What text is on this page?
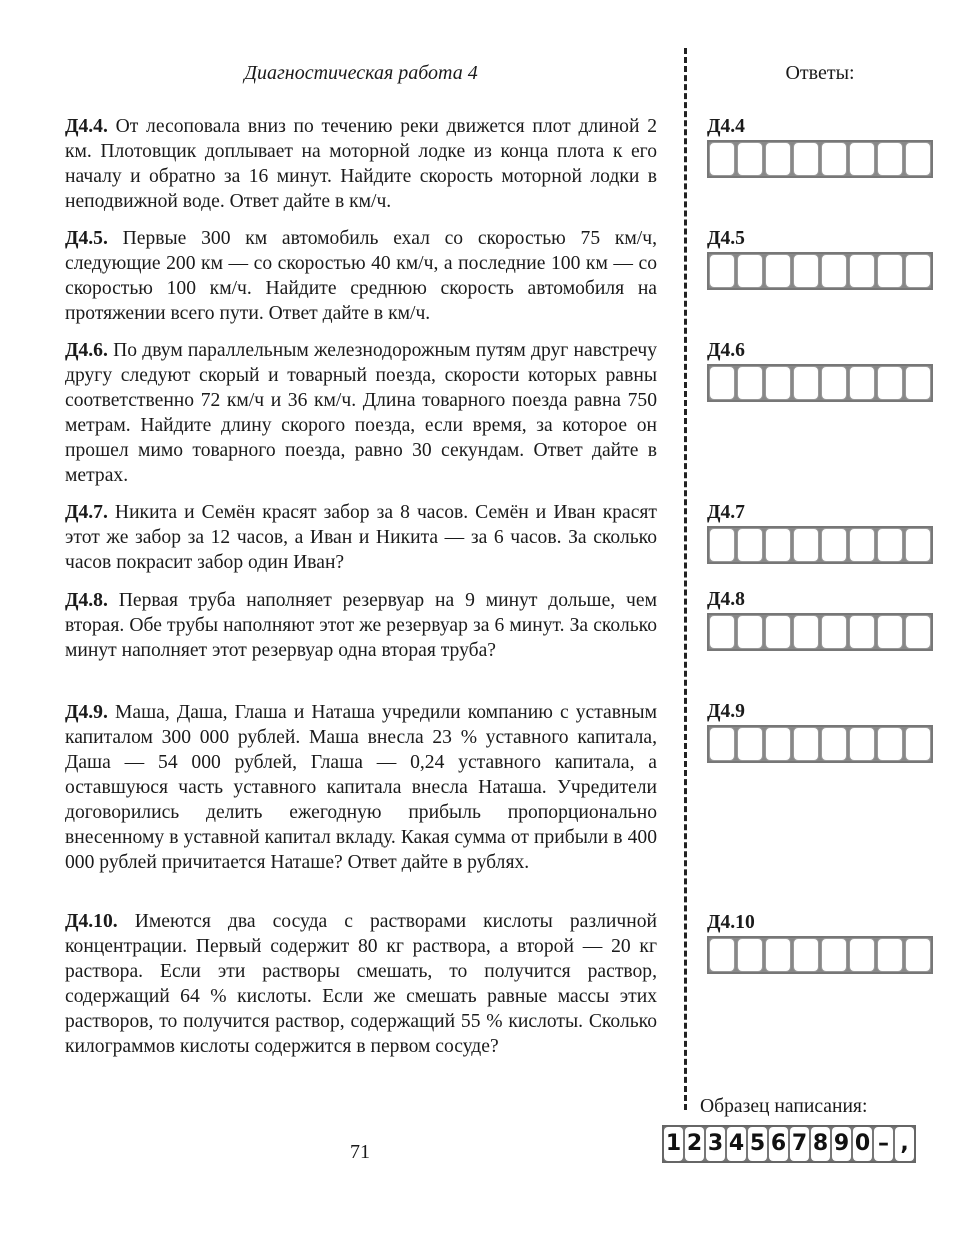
Диагностическая работа 4	Ответы:
Д4.4. От лесоповала вниз по течению реки движется плот длиной 2 км. Плотовщик доплывает на моторной лодке из конца плота к его началу и обратно за 16 минут. Найдите скорость моторной лодки в неподвижной воде. Ответ дайте в км/ч.
Д4.5. Первые 300 км автомобиль ехал со скоростью 75 км/ч, следующие 200 км — со скоростью 40 км/ч, а последние 100 км — со скоростью 100 км/ч. Найдите среднюю скорость автомобиля на протяжении всего пути. Ответ дайте в км/ч.
Д4.6. По двум параллельным железнодорожным путям друг навстречу другу следуют скорый и товарный поезда, скорости которых равны соответственно 72 км/ч и 36 км/ч. Длина товарного поезда равна 750 метрам. Найдите длину скорого поезда, если время, за которое он прошел мимо товарного поезда, равно 30 секундам. Ответ дайте в метрах.
Д4.7. Никита и Семён красят забор за 8 часов. Семён и Иван красят этот же забор за 12 часов, а Иван и Никита — за 6 часов. За сколько часов покрасит забор один Иван?
Д4.8. Первая труба наполняет резервуар на 9 минут дольше, чем вторая. Обе трубы наполняют этот же резервуар за 6 минут. За сколько минут наполняет этот резервуар одна вторая труба?
Д4.9. Маша, Даша, Глаша и Наташа учредили компанию с уставным капиталом 300 000 рублей. Маша внесла 23 % уставного капитала, Даша — 54 000 рублей, Глаша — 0,24 уставного капитала, а оставшуюся часть уставного капитала внесла Наташа. Учредители договорились делить ежегодную прибыль пропорционально внесенному в уставной капитал вкладу. Какая сумма от прибыли в 400 000 рублей причитается Наташе? Ответ дайте в рублях.
Д4.10. Имеются два сосуда с растворами кислоты различной концентрации. Первый содержит 80 кг раствора, а второй — 20 кг раствора. Если эти растворы смешать, то получится раствор, содержащий 64 % кислоты. Если же смешать равные массы этих растворов, то получится раствор, содержащий 55 % кислоты. Сколько килограммов кислоты содержится в первом сосуде?
Д4.4
Д4.5
Д4.6
Д4.7
Д4.8
Д4.9
Д4.10
Образец написания:
1 2 3 4 5 6 7 8 9 0 – ,
71
